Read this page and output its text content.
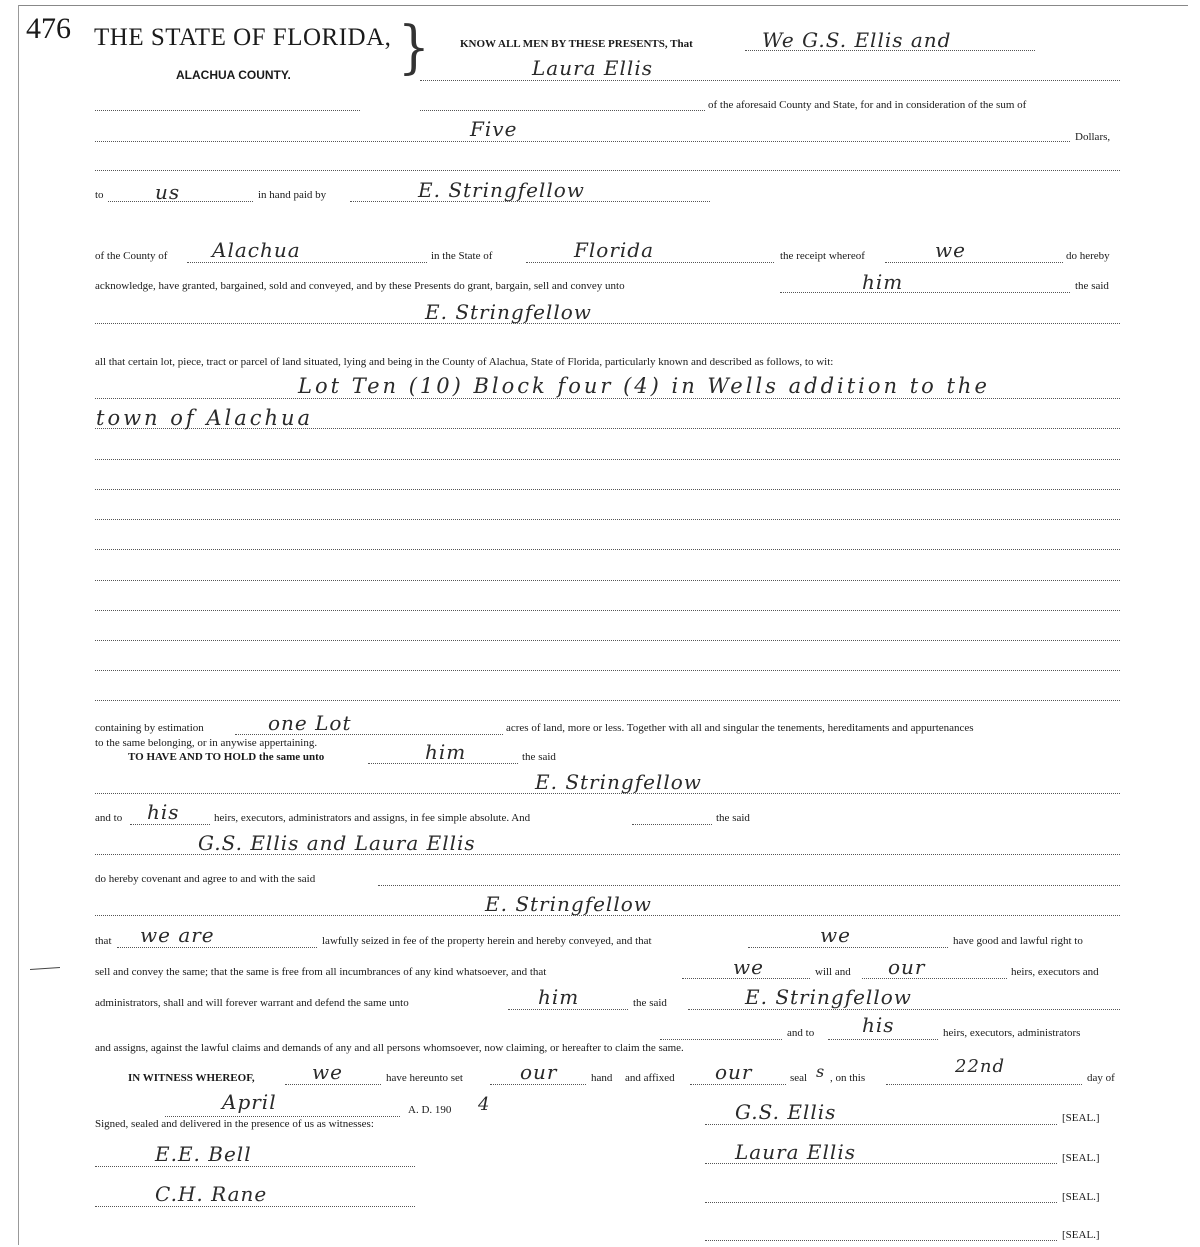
476 THE STATE OF FLORIDA,
ALACHUA COUNTY. }	KNOW ALL MEN BY THESE PRESENTS, That	We G.S. Ellis and
Laura Ellis
of the aforesaid County and State, for and in consideration of the sum of
Five	Dollars,
to	us	in hand paid by	E. Stringfellow
of the County of Alachua	in the State of	Florida	the receipt whereof	we	do hereby
acknowledge, have granted, bargained, sold and conveyed, and by these Presents do grant, bargain, sell and convey unto	him	the said
E. Stringfellow
all that certain lot, piece, tract or parcel of land situated, lying and being in the County of Alachua, State of Florida, particularly known and described as follows, to wit:
Lot Ten (10) Block four (4) in Wells addition to the
town of Alachua
containing by estimation	one Lot	acres of land, more or less. Together with all and singular the tenements, hereditaments and appurtenances
to the same belonging, or in anywise appertaining.
TO HAVE AND TO HOLD the same unto	him	the said
E. Stringfellow
and to his	heirs, executors, administrators and assigns, in fee simple absolute. And	the said
G.S. Ellis and Laura Ellis
do hereby covenant and agree to and with the said
E. Stringfellow
that we are	lawfully seized in fee of the property herein and hereby conveyed, and that	we	have good and lawful right to
sell and convey the same; that the same is free from all incumbrances of any kind whatsoever, and that	we	will and our	heirs, executors and
administrators, shall and will forever warrant and defend the same unto	him	the said	E. Stringfellow
and to his	heirs, executors, administrators
and assigns, against the lawful claims and demands of any and all persons whomsoever, now claiming, or hereafter to claim the same.
IN WITNESS WHEREOF,	we	have hereunto set	our	hand and affixed our	seal s , on this
22nd
day of
April	A. D. 190 4
Signed, sealed and delivered in the presence of us as witnesses:
E.E. Bell
C.H. Rane
G.S. Ellis	[SEAL.]
Laura Ellis	[SEAL.]
[SEAL.]
[SEAL.]
